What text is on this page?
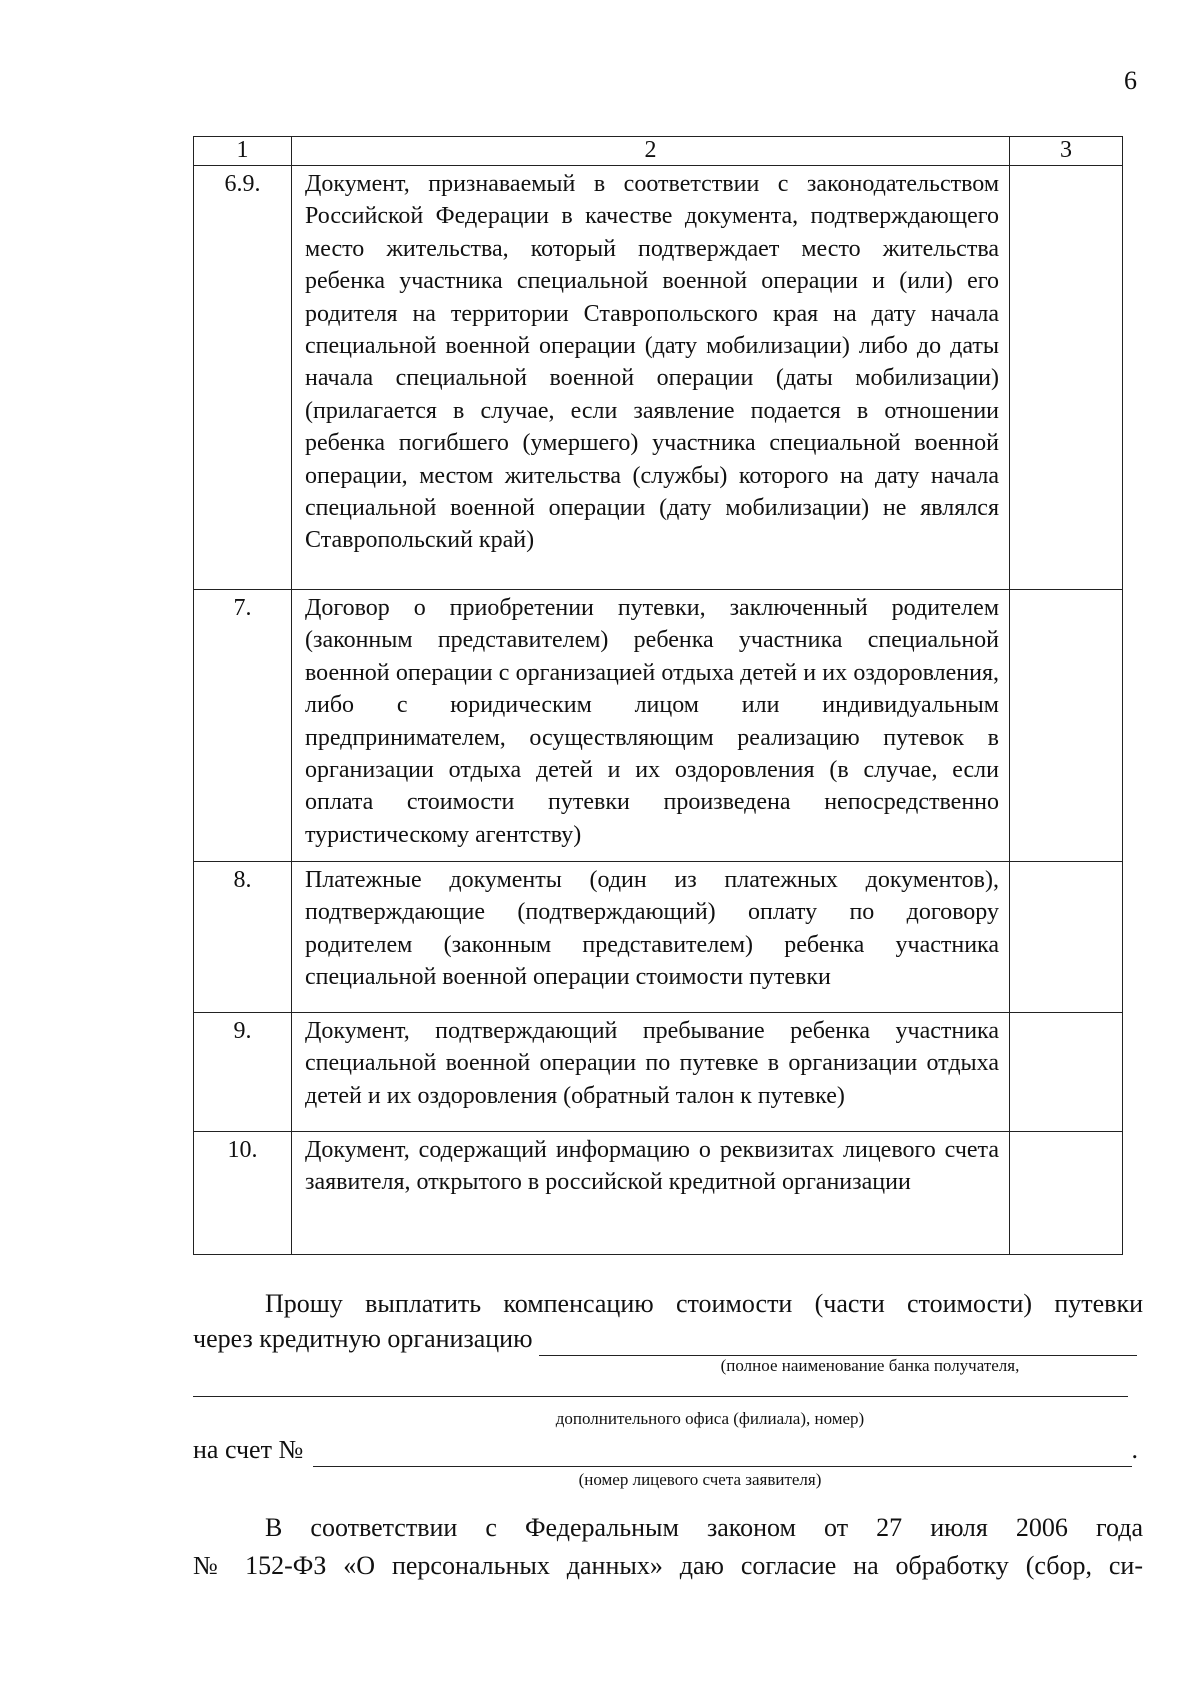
6
1	2	3
6.9.	Документ, признаваемый в соответствии с законодательством Российской Федерации в качестве документа, подтверждающего место жительства, который подтверждает место жительства ребенка участника специальной военной операции и (или) его родителя на территории Ставропольского края на дату начала специальной военной операции (дату мобилизации) либо до даты начала специальной военной операции (даты мобилизации) (прилагается в случае, если заявление подается в отношении ребенка погибшего (умершего) участника специальной военной операции, местом жительства (службы) которого на дату начала специальной военной операции (дату мобилизации) не являлся Ставропольский край)	
7.	Договор о приобретении путевки, заключенный родителем (законным представителем) ребенка участника специальной военной операции с организацией отдыха детей и их оздоровления, либо с юридическим лицом или индивидуальным предпринимателем, осуществляющим реализацию путевок в организации отдыха детей и их оздоровления (в случае, если оплата стоимости путевки произведена непосредственно туристическому агентству)	
8.	Платежные документы (один из платежных документов), подтверждающие (подтверждающий) оплату по договору родителем (законным представителем) ребенка участника специальной военной операции стоимости путевки	
9.	Документ, подтверждающий пребывание ребенка участника специальной военной операции по путевке в организации отдыха детей и их оздоровления (обратный талон к путевке)	
10.	Документ, содержащий информацию о реквизитах лицевого счета заявителя, открытого в российской кредитной организации	

Прошу выплатить компенсацию стоимости (части стоимости) путевки

через кредитную организацию
(полное наименование банка получателя,
дополнительного офиса (филиала), номер)
на счет №	.
(номер лицевого счета заявителя)

В соответствии с Федеральным законом от 27 июля 2006 года

№ 152-ФЗ «О персональных данных» даю согласие на обработку (сбор, си-
